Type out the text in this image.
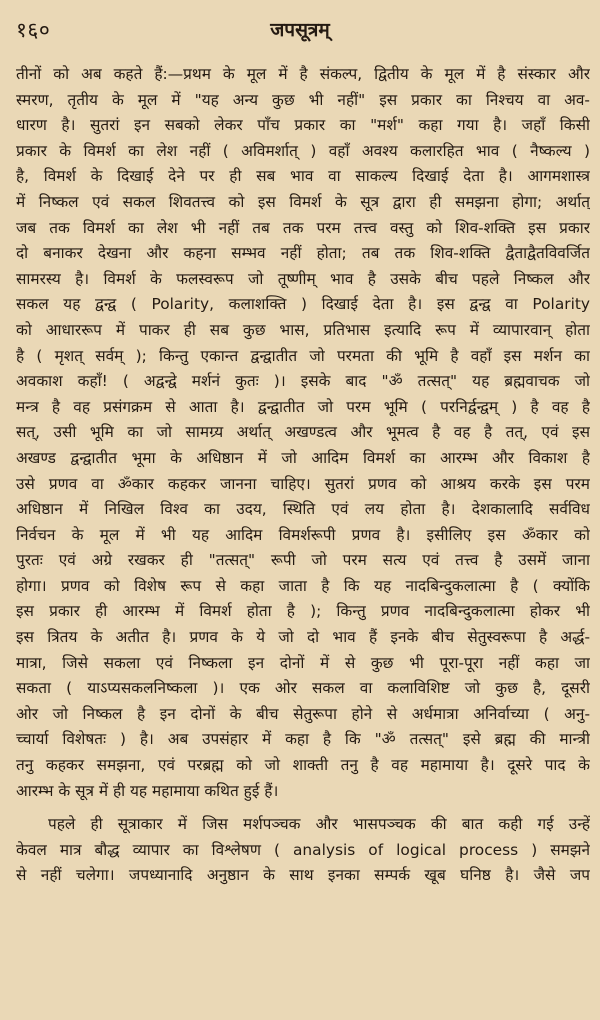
१६०	जपसूत्रम्
तीनों को अब कहते हैं:—प्रथम के मूल में है संकल्प, द्वितीय के मूल में है संस्कार और
स्मरण, तृतीय के मूल में "यह अन्य कुछ भी नहीं" इस प्रकार का निश्चय वा अव-
धारण है। सुतरां इन सबको लेकर पाँच प्रकार का "मर्श" कहा गया है। जहाँ किसी
प्रकार के विमर्श का लेश नहीं ( अविमर्शात् ) वहाँ अवश्य कलारहित भाव ( नैष्कल्य )
है, विमर्श के दिखाई देने पर ही सब भाव वा साकल्य दिखाई देता है। आगमशास्त्र
में निष्कल एवं सकल शिवतत्त्व को इस विमर्श के सूत्र द्वारा ही समझना होगा; अर्थात्
जब तक विमर्श का लेश भी नहीं तब तक परम तत्त्व वस्तु को शिव-शक्ति इस प्रकार
दो बनाकर देखना और कहना सम्भव नहीं होता; तब तक शिव-शक्ति द्वैताद्वैतविवर्जित
सामरस्य है। विमर्श के फलस्वरूप जो तूष्णीम् भाव है उसके बीच पहले निष्कल और
सकल यह द्वन्द्व ( Polarity, कलाशक्ति ) दिखाई देता है। इस द्वन्द्व वा Polarity
को आधाररूप में पाकर ही सब कुछ भास, प्रतिभास इत्यादि रूप में व्यापारवान् होता
है ( मृशत् सर्वम् ); किन्तु एकान्त द्वन्द्वातीत जो परमता की भूमि है वहाँ इस मर्शन का
अवकाश कहाँ! ( अद्वन्द्वे मर्शनं कुतः )। इसके बाद "ॐ तत्सत्" यह ब्रह्मवाचक जो
मन्त्र है वह प्रसंगक्रम से आता है। द्वन्द्वातीत जो परम भूमि ( परनिर्द्वन्द्वम् ) है वह है
सत्, उसी भूमि का जो सामग्र्य अर्थात् अखण्डत्व और भूमत्व है वह है तत्, एवं इस
अखण्ड द्वन्द्वातीत भूमा के अधिष्ठान में जो आदिम विमर्श का आरम्भ और विकाश है
उसे प्रणव वा ॐकार कहकर जानना चाहिए। सुतरां प्रणव को आश्रय करके इस परम
अधिष्ठान में निखिल विश्व का उदय, स्थिति एवं लय होता है। देशकालादि सर्वविध
निर्वचन के मूल में भी यह आदिम विमर्शरूपी प्रणव है। इसीलिए इस ॐकार को
पुरतः एवं अग्रे रखकर ही "तत्सत्" रूपी जो परम सत्य एवं तत्त्व है उसमें जाना
होगा। प्रणव को विशेष रूप से कहा जाता है कि यह नादबिन्दुकलात्मा है ( क्योंकि
इस प्रकार ही आरम्भ में विमर्श होता है ); किन्तु प्रणव नादबिन्दुकलात्मा होकर भी
इस त्रितय के अतीत है। प्रणव के ये जो दो भाव हैं इनके बीच सेतुस्वरूपा है अर्द्ध-
मात्रा, जिसे सकला एवं निष्कला इन दोनों में से कुछ भी पूरा-पूरा नहीं कहा जा
सकता ( याऽप्यसकलनिष्कला )। एक ओर सकल वा कलाविशिष्ट जो कुछ है, दूसरी
ओर जो निष्कल है इन दोनों के बीच सेतुरूपा होने से अर्धमात्रा अनिर्वाच्या ( अनु-
च्चार्या विशेषतः ) है। अब उपसंहार में कहा है कि "ॐ तत्सत्" इसे ब्रह्म की मान्त्री
तनु कहकर समझना, एवं परब्रह्म को जो शाक्ती तनु है वह महामाया है। दूसरे पाद के
आरम्भ के सूत्र में ही यह महामाया कथित हुई हैं।
पहले ही सूत्राकार में जिस मर्शपञ्चक और भासपञ्चक की बात कही गई उन्हें
केवल मात्र बौद्ध व्यापार का विश्लेषण ( analysis of logical process ) समझने
से नहीं चलेगा। जपध्यानादि अनुष्ठान के साथ इनका सम्पर्क खूब घनिष्ठ है। जैसे जप
